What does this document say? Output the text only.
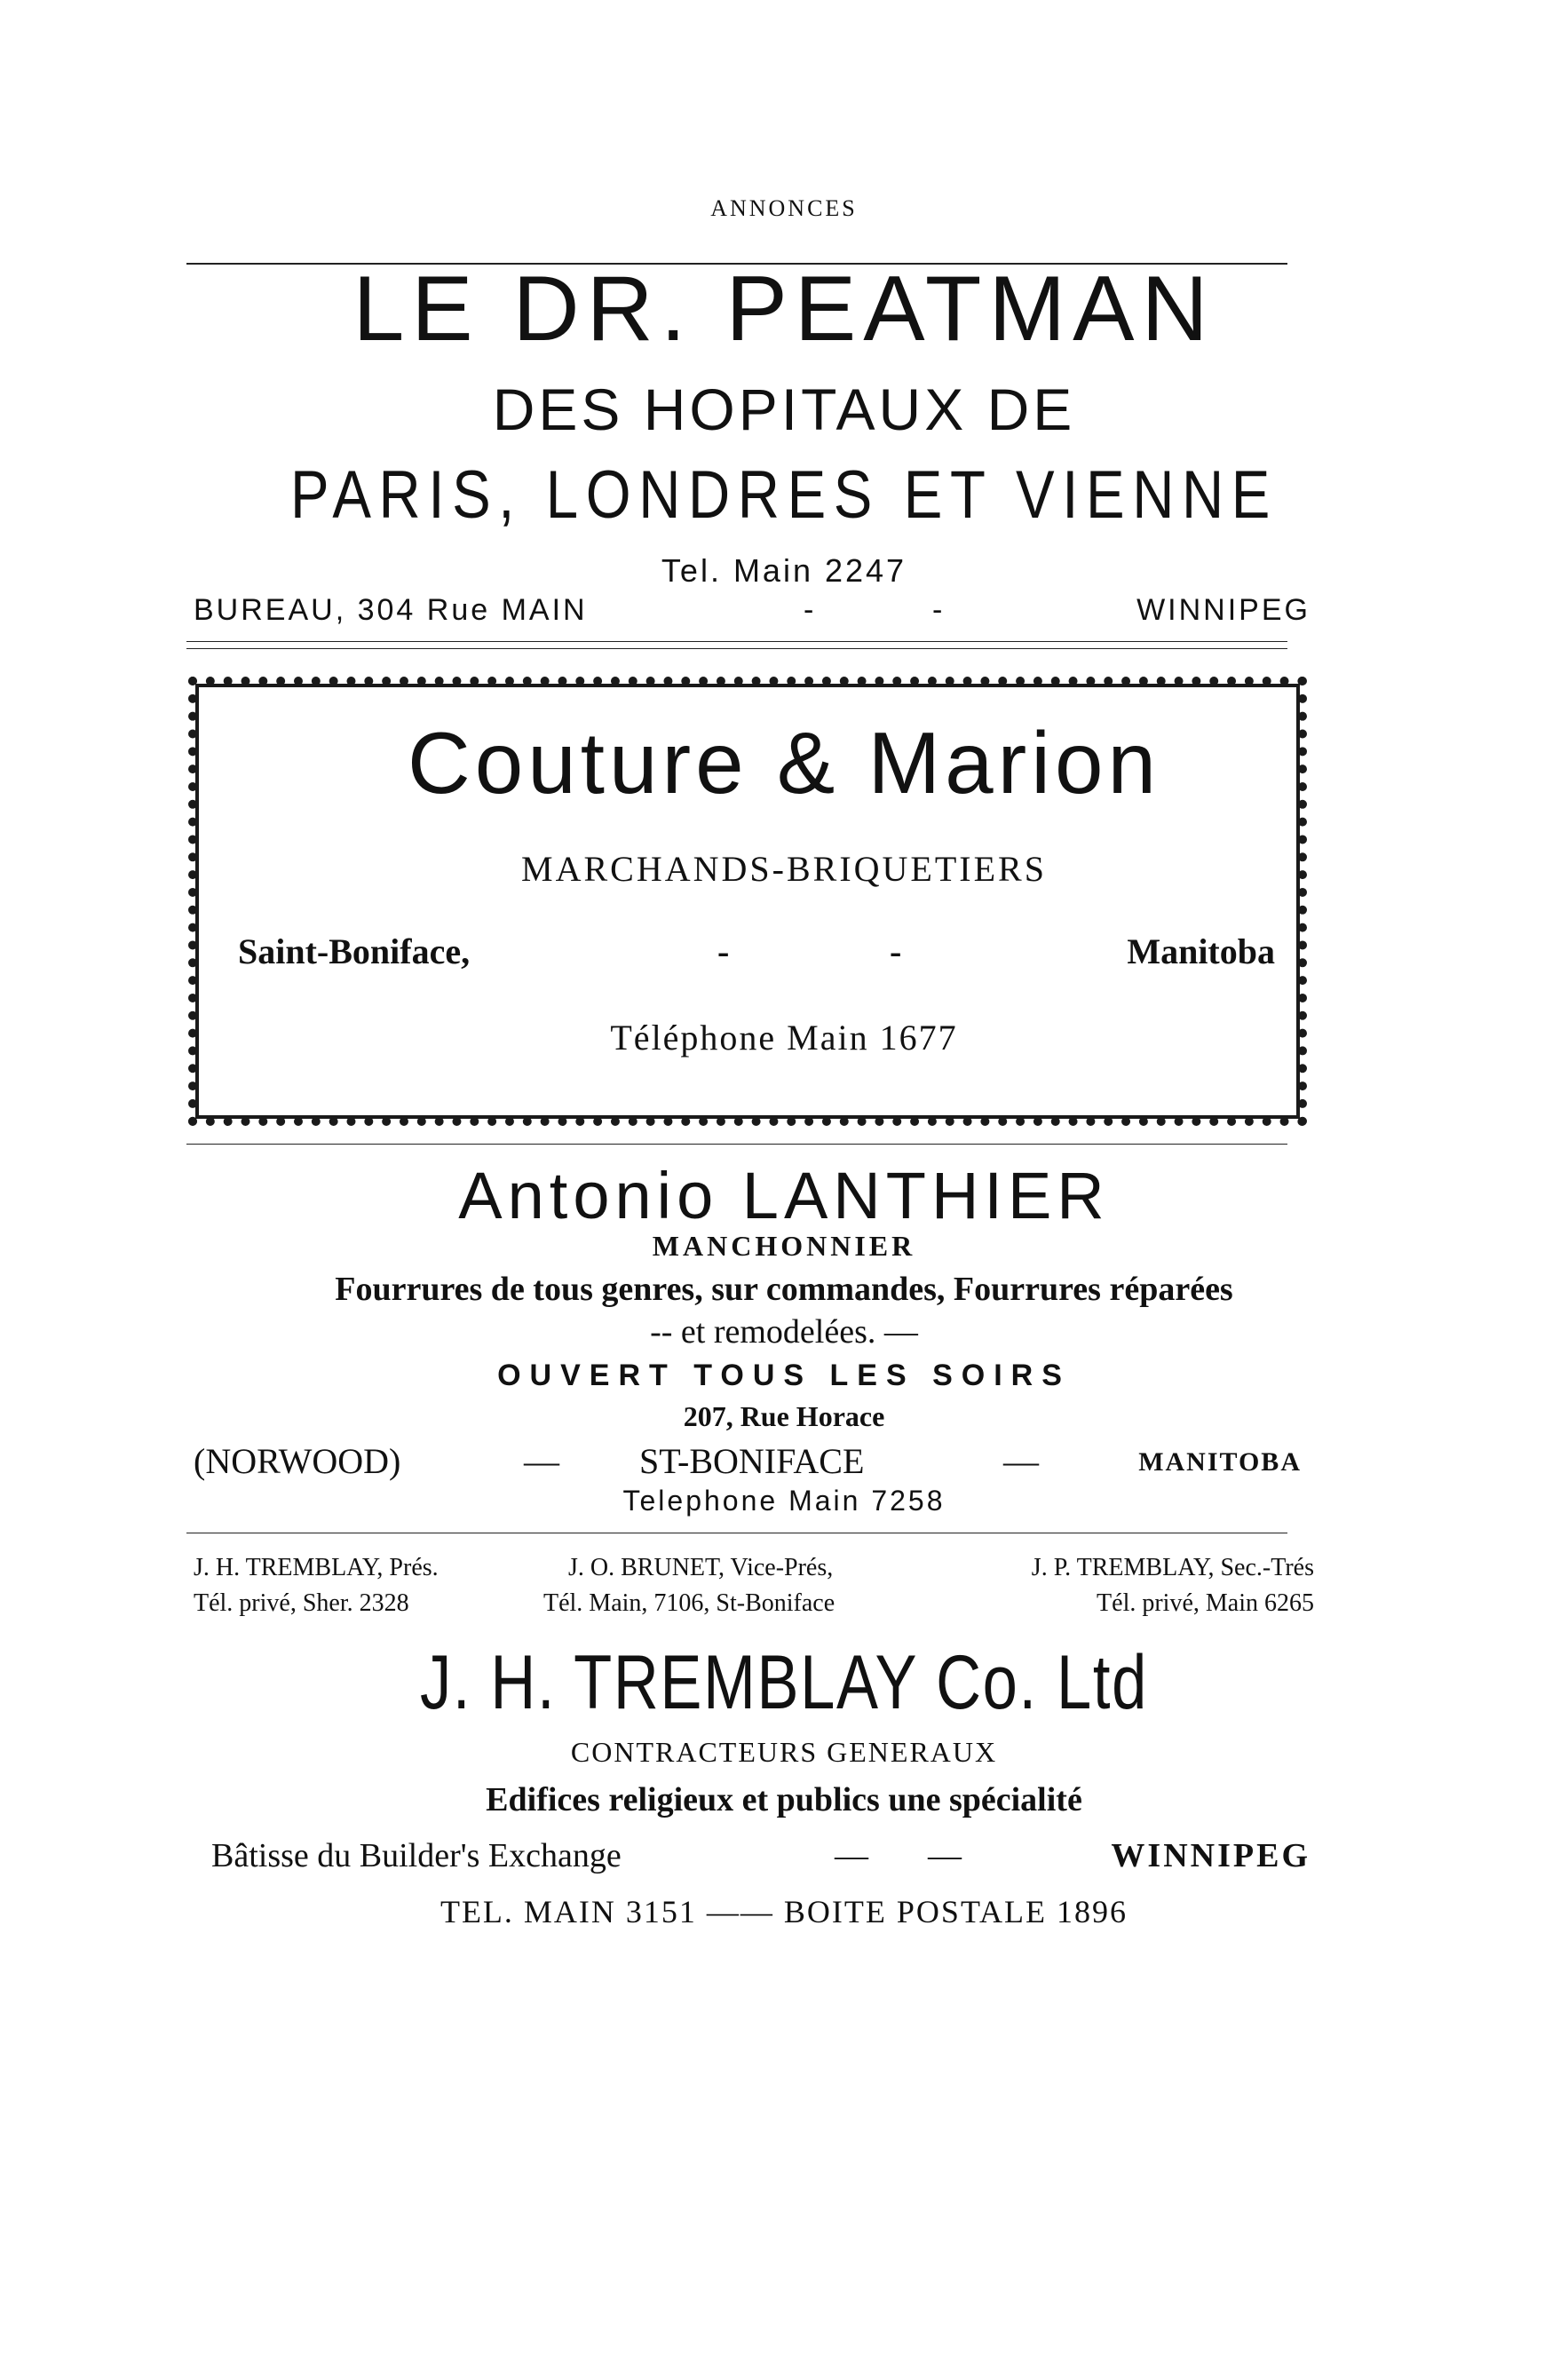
ANNONCES
LE DR. PEATMAN
DES HOPITAUX DE
PARIS, LONDRES ET VIENNE
Tel. Main 2247
BUREAU, 304 Rue MAIN	-	-	WINNIPEG
Couture & Marion
MARCHANDS-BRIQUETIERS
Saint-Boniface,	-	-	Manitoba
Téléphone Main 1677
Antonio LANTHIER
MANCHONNIER
Fourrures de tous genres, sur commandes, Fourrures réparées
-- et remodelées. —
OUVERT TOUS LES SOIRS
207, Rue Horace
(NORWOOD)	— ST-BONIFACE	—	MANITOBA
Telephone Main 7258
J. H. TREMBLAY, Prés.	J. O. BRUNET, Vice-Prés,	J. P. TREMBLAY, Sec.-Trés
Tél. privé, Sher. 2328	Tél. Main, 7106, St-Boniface	Tél. privé, Main 6265
J. H. TREMBLAY Co. Ltd
CONTRACTEURS GENERAUX
Edifices religieux et publics une spécialité
Bâtisse du Builder's Exchange	— —	WINNIPEG
TEL. MAIN 3151 —— BOITE POSTALE 1896
